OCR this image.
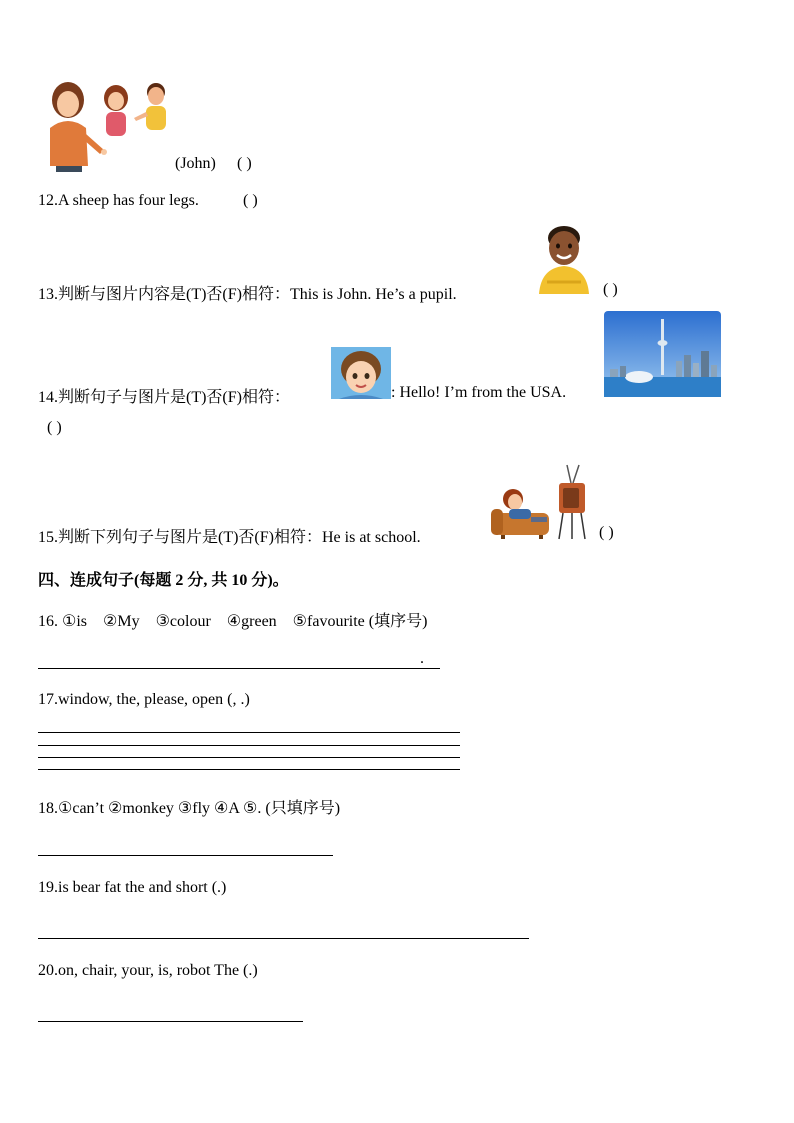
(John) ( )
12.A sheep has four legs.	( )
13.判断与图片内容是(T)否(F)相符：This is John. He’s a pupil.	( )
14.判断句子与图片是(T)否(F)相符：	: Hello! I’m from the USA.
( )
15.判断下列句子与图片是(T)否(F)相符：He is at school.	( )
四、连成句子(每题 2 分, 共 10 分)。
16. ①is    ②My    ③colour    ④green    ⑤favourite (填序号)
.
17.window, the, please, open (, .)
18.①can’t ②monkey ③fly ④A ⑤. (只填序号)
19.is bear fat the and short (.)
20.on, chair, your, is, robot The (.)
